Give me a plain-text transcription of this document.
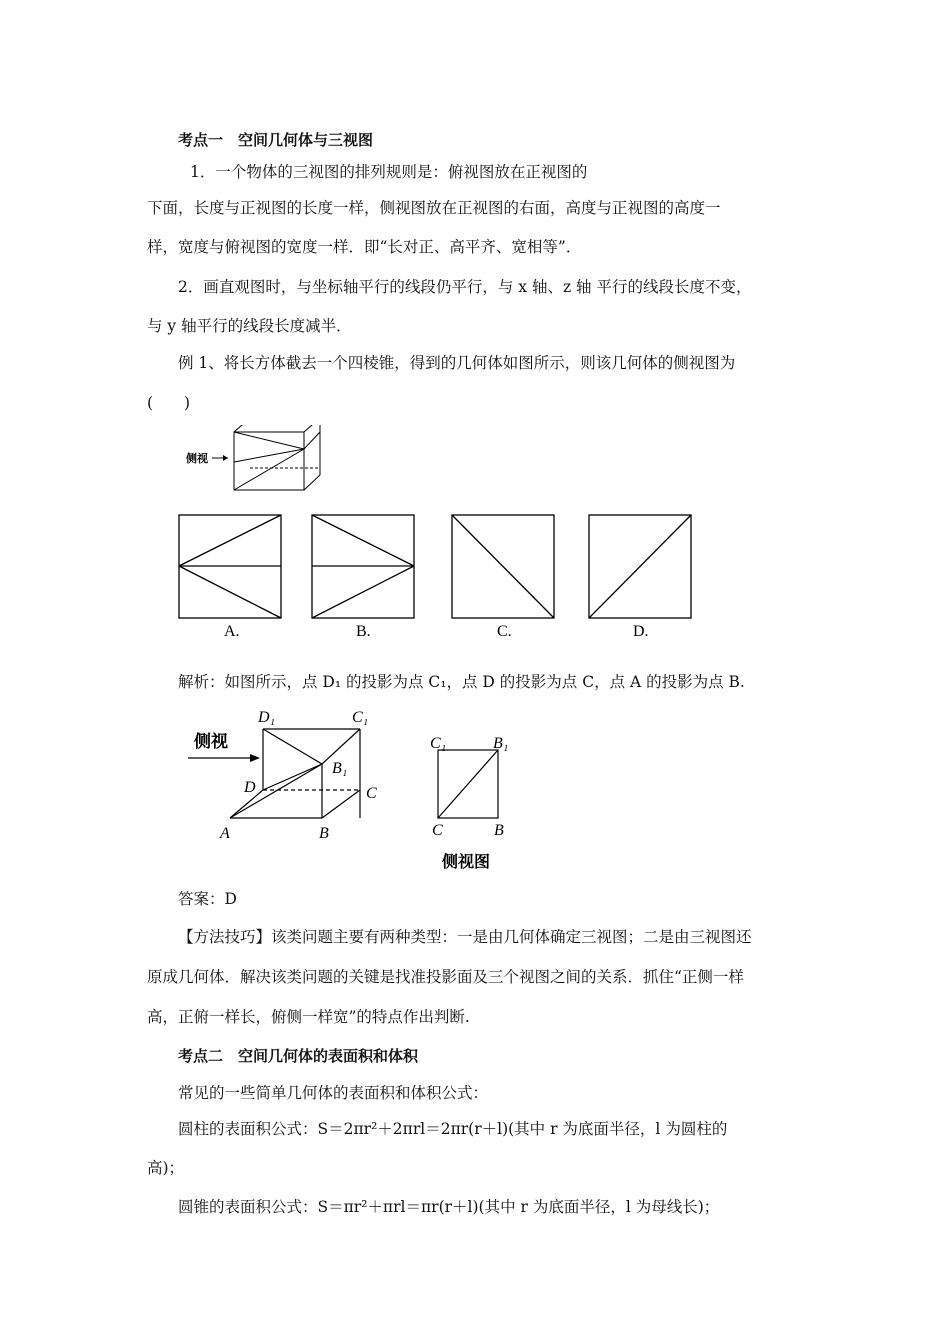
考点一　空间几何体与三视图
1．一个物体的三视图的排列规则是：俯视图放在正视图的
下面，长度与正视图的长度一样，侧视图放在正视图的右面，高度与正视图的高度一
样，宽度与俯视图的宽度一样．即“长对正、高平齐、宽相等”．
2．画直观图时，与坐标轴平行的线段仍平行，与 x 轴、z 轴 平行的线段长度不变，
与 y 轴平行的线段长度减半．
例 1、将长方体截去一个四棱锥，得到的几何体如图所示，则该几何体的侧视图为
(　　)
侧视
A.	B.	C.	D.
解析：如图所示，点 D₁ 的投影为点 C₁，点 D 的投影为点 C，点 A 的投影为点 B.
侧视
D₁	C₁
B₁
D	C
A	B
C₁	B₁
C	B
侧视图
答案：D
【方法技巧】该类问题主要有两种类型：一是由几何体确定三视图；二是由三视图还
原成几何体．解决该类问题的关键是找准投影面及三个视图之间的关系．抓住“正侧一样
高，正俯一样长，俯侧一样宽”的特点作出判断.
考点二　空间几何体的表面积和体积
常见的一些简单几何体的表面积和体积公式：
圆柱的表面积公式：S＝2πr²＋2πrl＝2πr(r＋l)(其中 r 为底面半径，l 为圆柱的
高)；
圆锥的表面积公式：S＝πr²＋πrl＝πr(r＋l)(其中 r 为底面半径，l 为母线长)；
